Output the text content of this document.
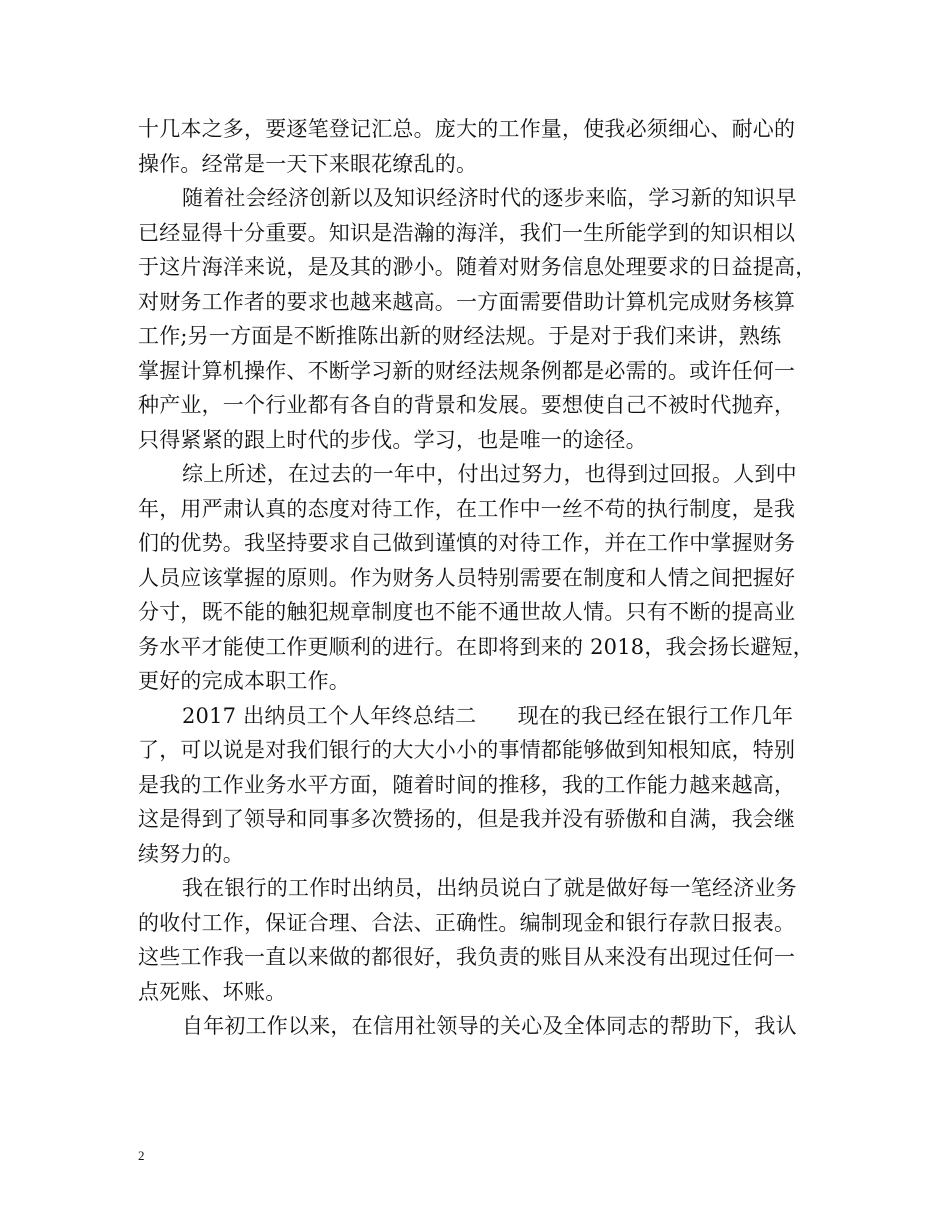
十几本之多，要逐笔登记汇总。庞大的工作量，使我必须细心、耐心的
操作。经常是一天下来眼花缭乱的。
随着社会经济创新以及知识经济时代的逐步来临，学习新的知识早
已经显得十分重要。知识是浩瀚的海洋，我们一生所能学到的知识相以
于这片海洋来说，是及其的渺小。随着对财务信息处理要求的日益提高，
对财务工作者的要求也越来越高。一方面需要借助计算机完成财务核算
工作;另一方面是不断推陈出新的财经法规。于是对于我们来讲，熟练
掌握计算机操作、不断学习新的财经法规条例都是必需的。或许任何一
种产业，一个行业都有各自的背景和发展。要想使自己不被时代抛弃，
只得紧紧的跟上时代的步伐。学习，也是唯一的途径。
综上所述，在过去的一年中，付出过努力，也得到过回报。人到中
年，用严肃认真的态度对待工作，在工作中一丝不苟的执行制度，是我
们的优势。我坚持要求自己做到谨慎的对待工作，并在工作中掌握财务
人员应该掌握的原则。作为财务人员特别需要在制度和人情之间把握好
分寸，既不能的触犯规章制度也不能不通世故人情。只有不断的提高业
务水平才能使工作更顺利的进行。在即将到来的 2018，我会扬长避短，
更好的完成本职工作。
2017 出纳员工个人年终总结二      现在的我已经在银行工作几年
了，可以说是对我们银行的大大小小的事情都能够做到知根知底，特别
是我的工作业务水平方面，随着时间的推移，我的工作能力越来越高，
这是得到了领导和同事多次赞扬的，但是我并没有骄傲和自满，我会继
续努力的。
我在银行的工作时出纳员，出纳员说白了就是做好每一笔经济业务
的收付工作，保证合理、合法、正确性。编制现金和银行存款日报表。
这些工作我一直以来做的都很好，我负责的账目从来没有出现过任何一
点死账、坏账。
自年初工作以来，在信用社领导的关心及全体同志的帮助下，我认
2
